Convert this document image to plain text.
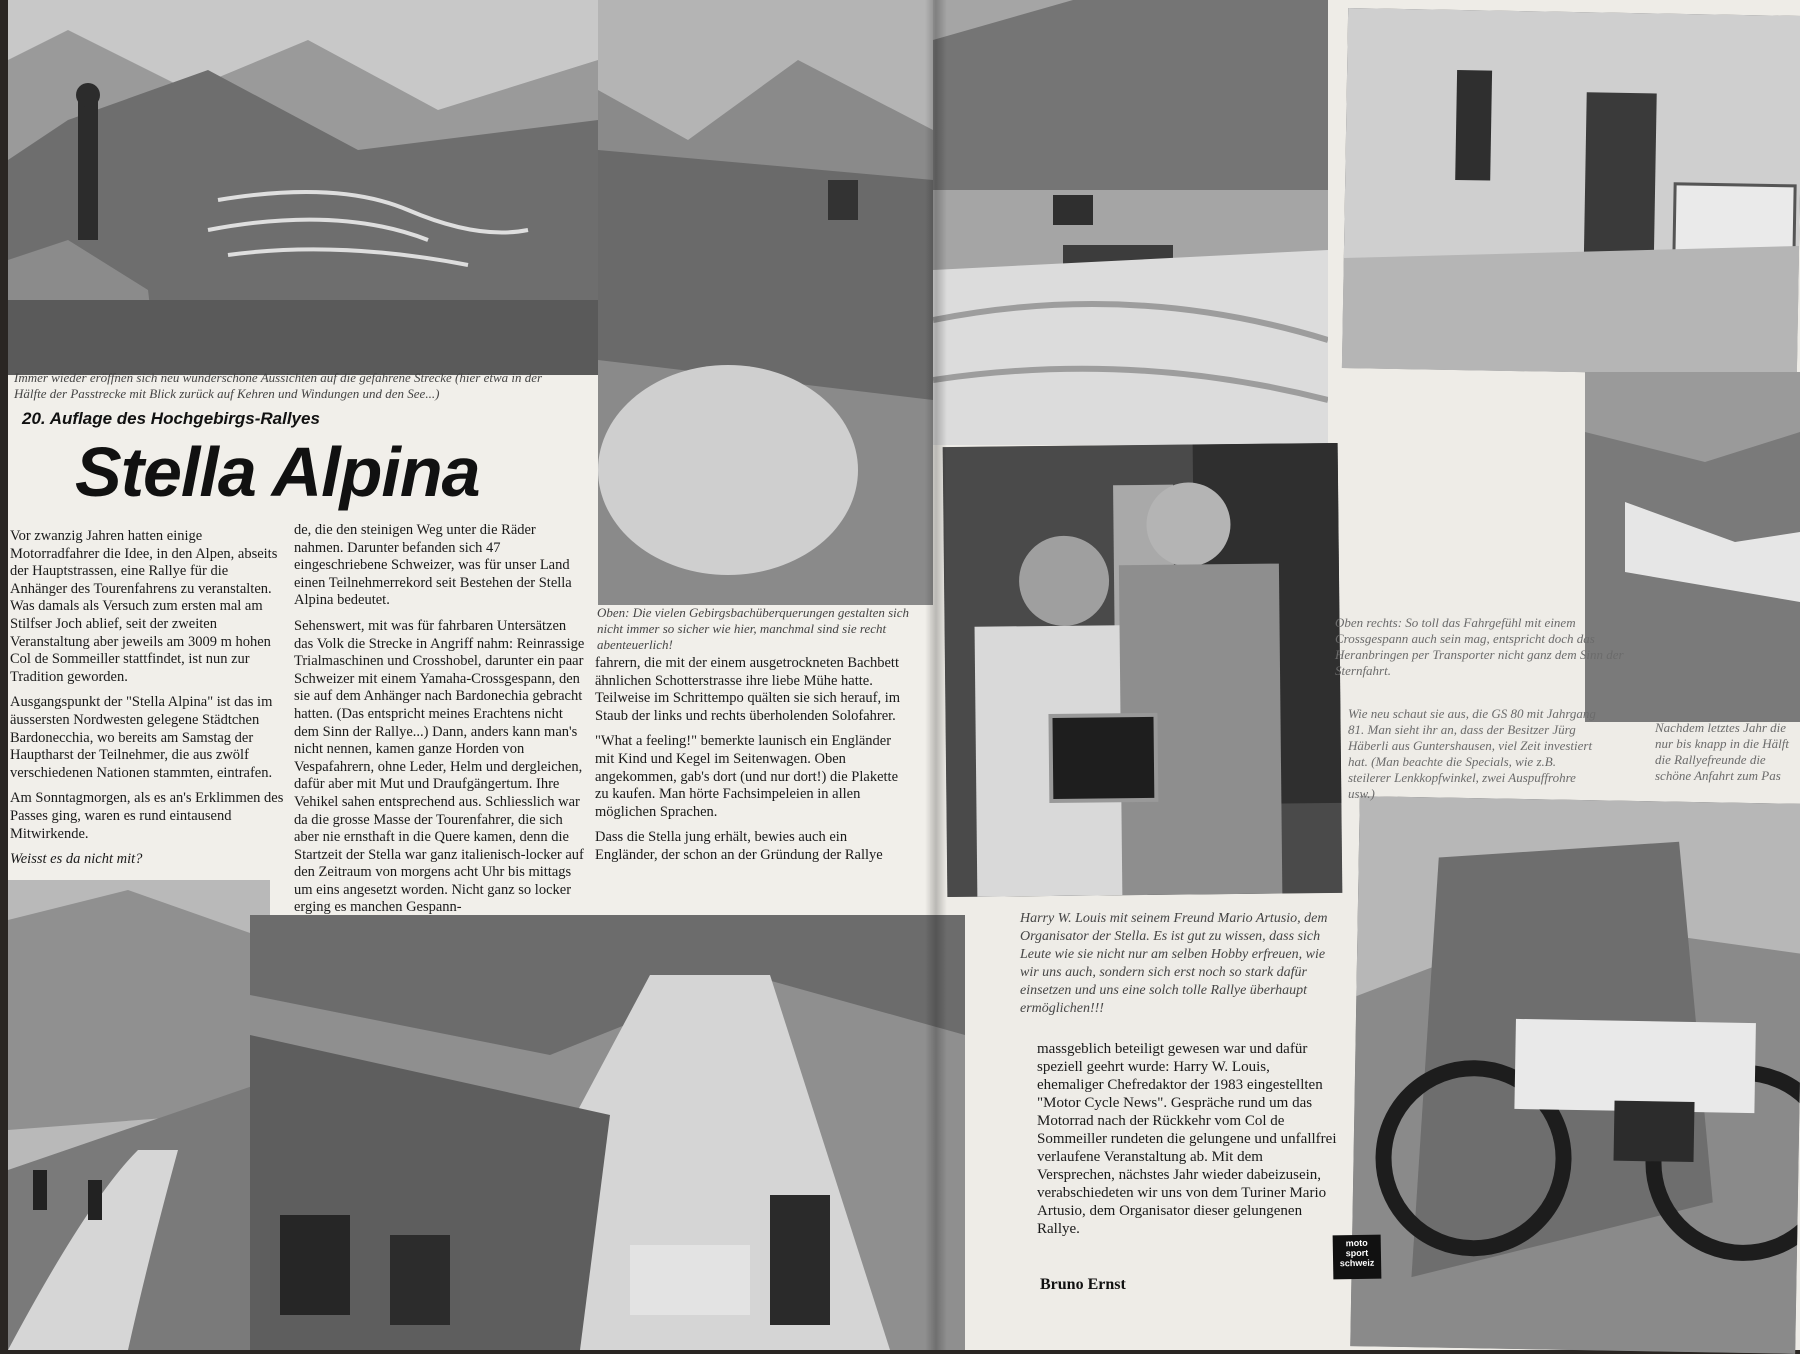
Immer wieder eröffnen sich neu wunderschöne Aussichten auf die gefahrene Strecke (hier etwa in der Hälfte der Passtrecke mit Blick zurück auf Kehren und Windungen und den See...)
Oben: Die vielen Gebirgsbachüberquerungen gestalten sich nicht immer so sicher wie hier, manchmal sind sie recht abenteuerlich!
Oben rechts: So toll das Fahrgefühl mit einem Crossgespann auch sein mag, entspricht doch das Heranbringen per Transporter nicht ganz dem Sinn der Sternfahrt.
Wie neu schaut sie aus, die GS 80 mit Jahrgang 81. Man sieht ihr an, dass der Besitzer Jürg Häberli aus Guntershausen, viel Zeit investiert hat. (Man beachte die Specials, wie z.B. steilerer Lenkkopfwinkel, zwei Auspuffrohre usw.)
Nachdem letztes Jahr die nur bis knapp in die Hälft die Rallyefreunde die schöne Anfahrt zum Pas
Harry W. Louis mit seinem Freund Mario Artusio, dem Organisator der Stella. Es ist gut zu wissen, dass sich Leute wie sie nicht nur am selben Hobby erfreuen, wie wir uns auch, sondern sich erst noch so stark dafür einsetzen und uns eine solch tolle Rallye überhaupt ermöglichen!!!
20. Auflage des Hochgebirgs-Rallyes
Stella Alpina

Vor zwanzig Jahren hatten einige Motorradfahrer die Idee, in den Alpen, abseits der Hauptstrassen, eine Rallye für die Anhänger des Tourenfahrens zu veranstalten. Was damals als Versuch zum ersten mal am Stilfser Joch ablief, seit der zweiten Veranstaltung aber jeweils am 3009 m hohen Col de Sommeiller stattfindet, ist nun zur Tradition geworden.

Ausgangspunkt der "Stella Alpina" ist das im äussersten Nordwesten gelegene Städtchen Bardonecchia, wo bereits am Samstag der Hauptharst der Teilnehmer, die aus zwölf verschiedenen Nationen stammten, eintrafen.

Am Sonntagmorgen, als es an's Erklimmen des Passes ging, waren es rund eintausend Mitwirkende.

Weisst es da nicht mit?

de, die den steinigen Weg unter die Räder nahmen. Darunter befanden sich 47 eingeschriebene Schweizer, was für unser Land einen Teilnehmerrekord seit Bestehen der Stella Alpina bedeutet.

Sehenswert, mit was für fahrbaren Untersätzen das Volk die Strecke in Angriff nahm: Reinrassige Trialmaschinen und Crosshobel, darunter ein paar Schweizer mit einem Yamaha-Crossgespann, den sie auf dem Anhänger nach Bardonechia gebracht hatten. (Das entspricht meines Erachtens nicht dem Sinn der Rallye...) Dann, anders kann man's nicht nennen, kamen ganze Horden von Vespafahrern, ohne Leder, Helm und dergleichen, dafür aber mit Mut und Draufgängertum. Ihre Vehikel sahen entsprechend aus. Schliesslich war da die grosse Masse der Tourenfahrer, die sich aber nie ernsthaft in die Quere kamen, denn die Startzeit der Stella war ganz italienisch-locker auf den Zeitraum von morgens acht Uhr bis mittags um eins angesetzt worden. Nicht ganz so locker erging es manchen Gespann-

fahrern, die mit der einem ausgetrockneten Bachbett ähnlichen Schotterstrasse ihre liebe Mühe hatte. Teilweise im Schrittempo quälten sie sich herauf, im Staub der links und rechts überholenden Solofahrer.

"What a feeling!" bemerkte launisch ein Engländer mit Kind und Kegel im Seitenwagen. Oben angekommen, gab's dort (und nur dort!) die Plakette zu kaufen. Man hörte Fachsimpeleien in allen möglichen Sprachen.

Dass die Stella jung erhält, bewies auch ein Engländer, der schon an der Gründung der Rallye

massgeblich beteiligt gewesen war und dafür speziell geehrt wurde: Harry W. Louis, ehemaliger Chefredaktor der 1983 eingestellten "Motor Cycle News". Gespräche rund um das Motorrad nach der Rückkehr vom Col de Sommeiller rundeten die gelungene und unfallfrei verlaufene Veranstaltung ab. Mit dem Versprechen, nächstes Jahr wieder dabeizusein, verabschiedeten wir uns von dem Turiner Mario Artusio, dem Organisator dieser gelungenen Rallye.

Bruno Ernst
moto
sport
schweiz
